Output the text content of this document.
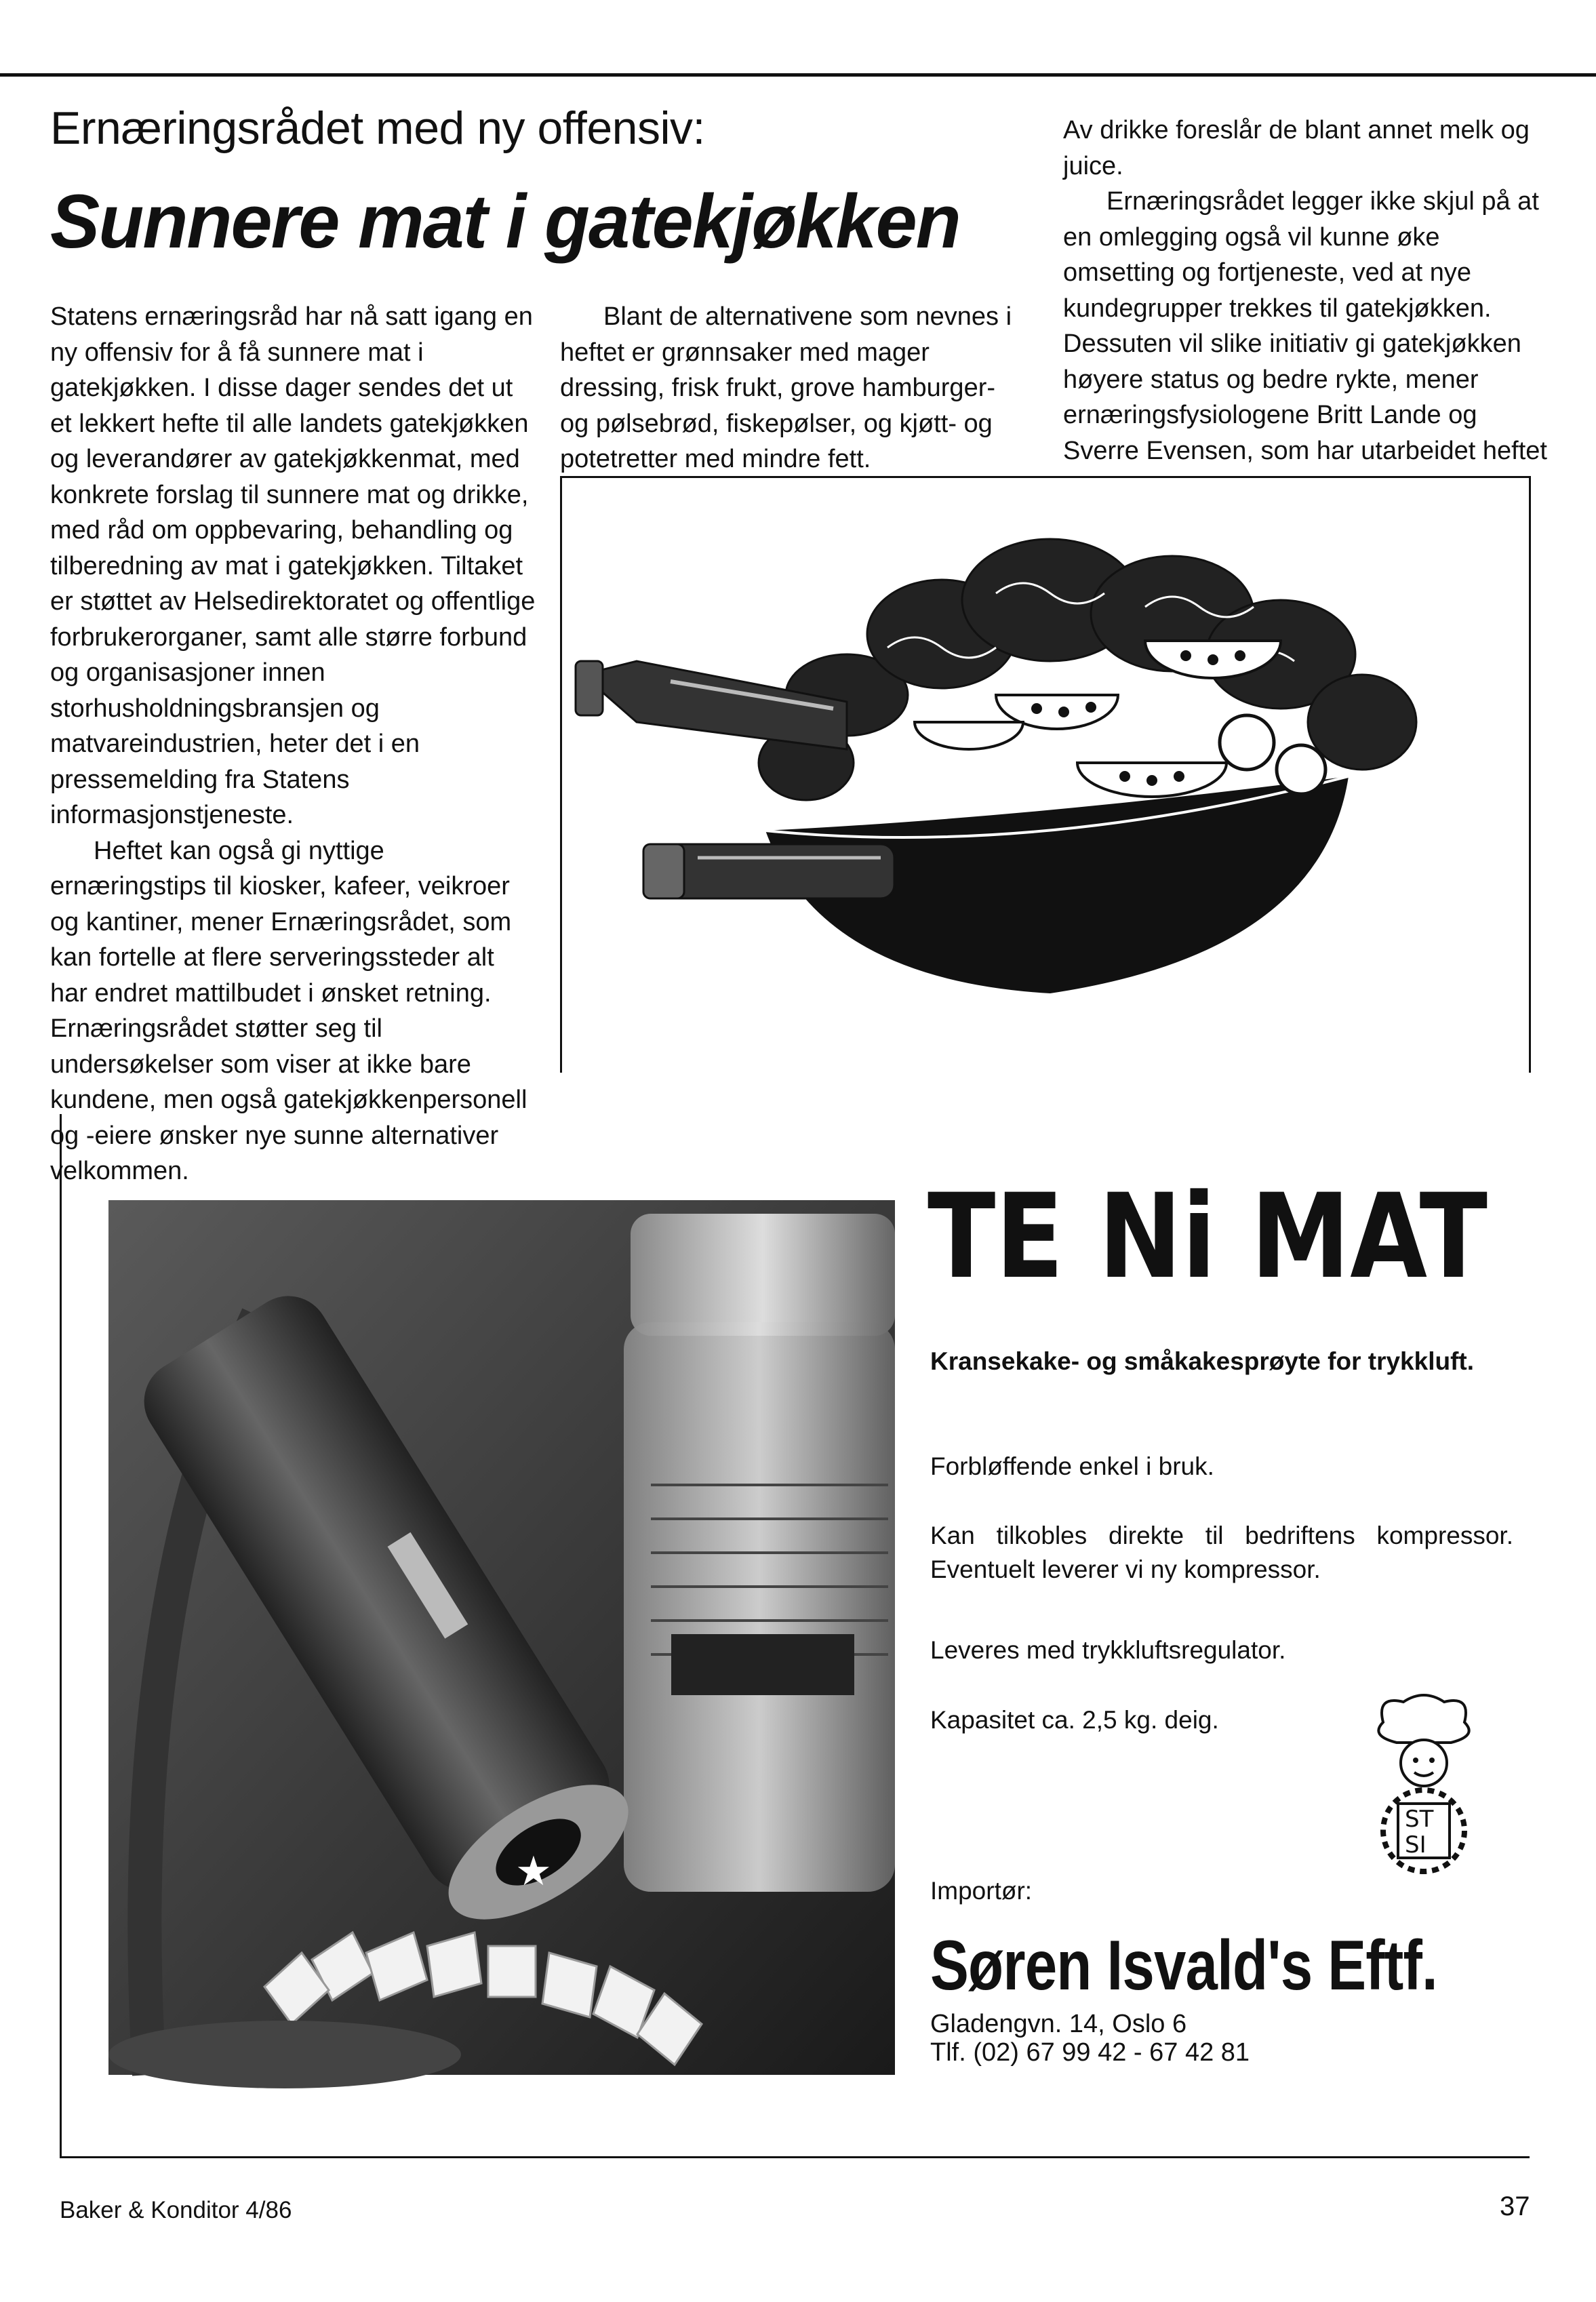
Ernæringsrådet med ny offensiv:
Sunnere mat i gatekjøkken

Statens ernæringsråd har nå satt igang en ny offensiv for å få sunnere mat i gatekjøkken. I disse dager sendes det ut et lekkert hefte til alle landets gatekjøkken og leverandører av gatekjøkkenmat, med konkrete forslag til sunnere mat og drikke, med råd om oppbevaring, behandling og tilberedning av mat i gatekjøkken. Tiltaket er støttet av Helsedirektoratet og offentlige forbrukerorganer, samt alle større forbund og organisasjoner innen storhusholdningsbransjen og matvareindustrien, heter det i en pressemelding fra Statens informasjonstjeneste.

Heftet kan også gi nyttige ernæringstips til kiosker, kafeer, veikroer og kantiner, mener Ernæringsrådet, som kan fortelle at flere serveringssteder alt har endret mattilbudet i ønsket retning. Ernæringsrådet støtter seg til undersøkelser som viser at ikke bare kundene, men også gatekjøkkenpersonell og -eiere ønsker nye sunne alternativer velkommen.

Blant de alternativene som nevnes i heftet er grønnsaker med mager dressing, frisk frukt, grove hamburger- og pølsebrød, fiskepølser, og kjøtt- og potetretter med mindre fett.

Av drikke foreslår de blant annet melk og juice.

Ernæringsrådet legger ikke skjul på at en omlegging også vil kunne øke omsetting og fortjeneste, ved at nye kundegrupper trekkes til gatekjøkken. Dessuten vil slike initiativ gi gatekjøkken høyere status og bedre rykte, mener ernæringsfysiologene Britt Lande og Sverre Evensen, som har utarbeidet heftet

★
TE Ni MAT
Kransekake- og småkakesprøyte for trykkluft.
Forbløffende enkel i bruk.
Kan tilkobles direkte til bedriftens kompressor. Eventuelt leverer vi ny kompressor.
Leveres med trykkluftsregulator.
Kapasitet ca. 2,5 kg. deig.
ST
SI
Importør:
Søren Isvald's Eftf.
Gladengvn. 14, Oslo 6
Tlf. (02) 67 99 42 - 67 42 81
Baker & Konditor 4/86	37
